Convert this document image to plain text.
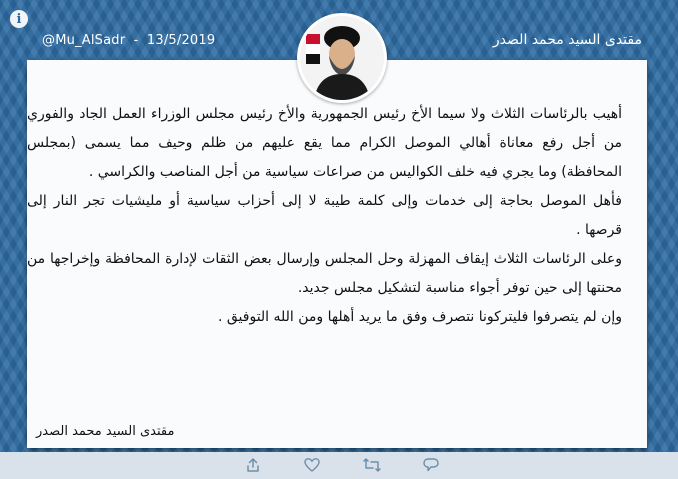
i
@Mu_AlSadr - 13/5/2019	مقتدى السيد محمد الصدر

أهيب بالرئاسات الثلاث ولا سيما الأخ رئيس الجمهورية والأخ رئيس مجلس الوزراء العمل الجاد والفوري من أجل رفع معاناة أهالي الموصل الكرام مما يقع عليهم من ظلم وحيف مما يسمى (بمجلس المحافظة) وما يجري فيه خلف الكواليس من صراعات سياسية من أجل المناصب والكراسي .

فأهل الموصل بحاجة إلى خدمات وإلى كلمة طيبة لا إلى أحزاب سياسية أو مليشيات تجر النار إلى قرصها .

وعلى الرئاسات الثلاث إيقاف المهزلة وحل المجلس وإرسال بعض الثقات لإدارة المحافظة وإخراجها من محنتها إلى حين توفر أجواء مناسبة لتشكيل مجلس جديد.

وإن لم يتصرفوا فليتركونا نتصرف وفق ما يريد أهلها ومن الله التوفيق .

مقتدى السيد محمد الصدر
